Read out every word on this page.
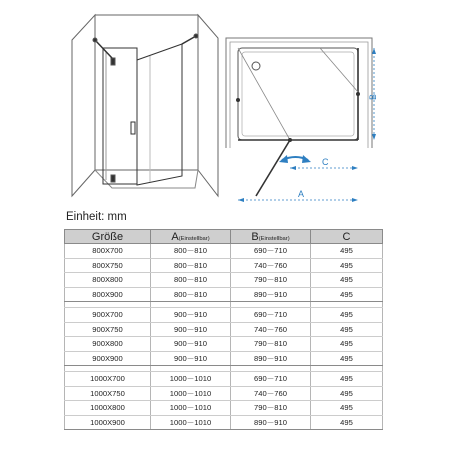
A
B
C
Einheit: mm
Größe	A(Einstellbar)	B(Einstellbar)	C
800X700	800－810	690－710	495
800X750	800－810	740－760	495
800X800	800－810	790－810	495
800X900	800－810	890－910	495

900X700	900－910	690－710	495
900X750	900－910	740－760	495
900X800	900－910	790－810	495
900X900	900－910	890－910	495

1000X700	1000－1010	690－710	495
1000X750	1000－1010	740－760	495
1000X800	1000－1010	790－810	495
1000X900	1000－1010	890－910	495
